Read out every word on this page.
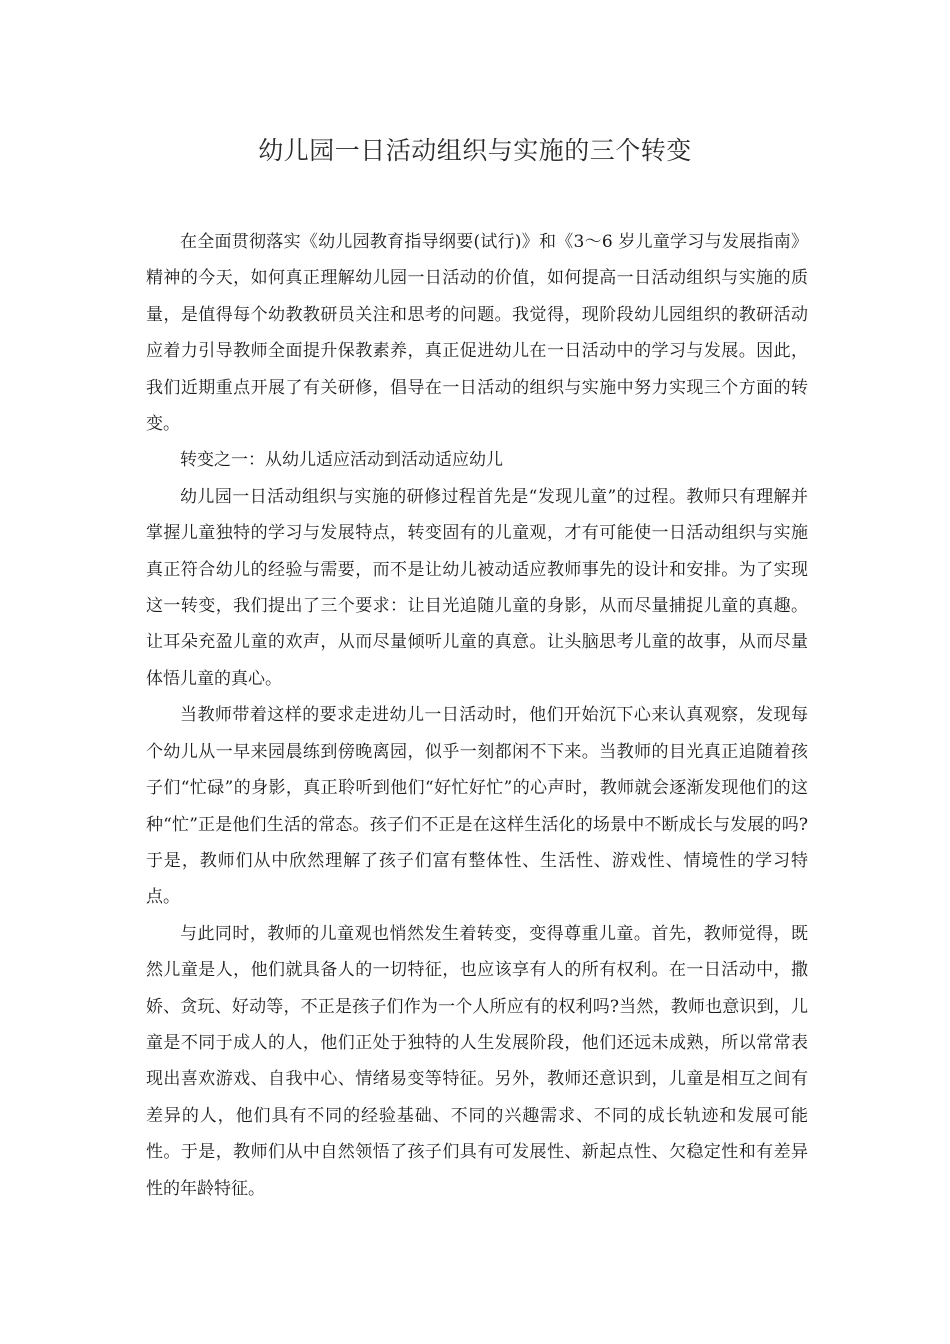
幼儿园一日活动组织与实施的三个转变

在全面贯彻落实《幼儿园教育指导纲要(试行)》和《3～6 岁儿童学习与发展指南》精神的今天，如何真正理解幼儿园一日活动的价值，如何提高一日活动组织与实施的质量，是值得每个幼教教研员关注和思考的问题。我觉得，现阶段幼儿园组织的教研活动应着力引导教师全面提升保教素养，真正促进幼儿在一日活动中的学习与发展。因此，我们近期重点开展了有关研修，倡导在一日活动的组织与实施中努力实现三个方面的转变。

转变之一：从幼儿适应活动到活动适应幼儿

幼儿园一日活动组织与实施的研修过程首先是“发现儿童”的过程。教师只有理解并掌握儿童独特的学习与发展特点，转变固有的儿童观，才有可能使一日活动组织与实施真正符合幼儿的经验与需要，而不是让幼儿被动适应教师事先的设计和安排。为了实现这一转变，我们提出了三个要求：让目光追随儿童的身影，从而尽量捕捉儿童的真趣。让耳朵充盈儿童的欢声，从而尽量倾听儿童的真意。让头脑思考儿童的故事，从而尽量体悟儿童的真心。

当教师带着这样的要求走进幼儿一日活动时，他们开始沉下心来认真观察，发现每个幼儿从一早来园晨练到傍晚离园，似乎一刻都闲不下来。当教师的目光真正追随着孩子们“忙碌”的身影，真正聆听到他们“好忙好忙”的心声时，教师就会逐渐发现他们的这种“忙”正是他们生活的常态。孩子们不正是在这样生活化的场景中不断成长与发展的吗?于是，教师们从中欣然理解了孩子们富有整体性、生活性、游戏性、情境性的学习特点。

与此同时，教师的儿童观也悄然发生着转变，变得尊重儿童。首先，教师觉得，既然儿童是人，他们就具备人的一切特征，也应该享有人的所有权利。在一日活动中，撒娇、贪玩、好动等，不正是孩子们作为一个人所应有的权利吗?当然，教师也意识到，儿童是不同于成人的人，他们正处于独特的人生发展阶段，他们还远未成熟，所以常常表现出喜欢游戏、自我中心、情绪易变等特征。另外，教师还意识到，儿童是相互之间有差异的人，他们具有不同的经验基础、不同的兴趣需求、不同的成长轨迹和发展可能性。于是，教师们从中自然领悟了孩子们具有可发展性、新起点性、欠稳定性和有差异性的年龄特征。
